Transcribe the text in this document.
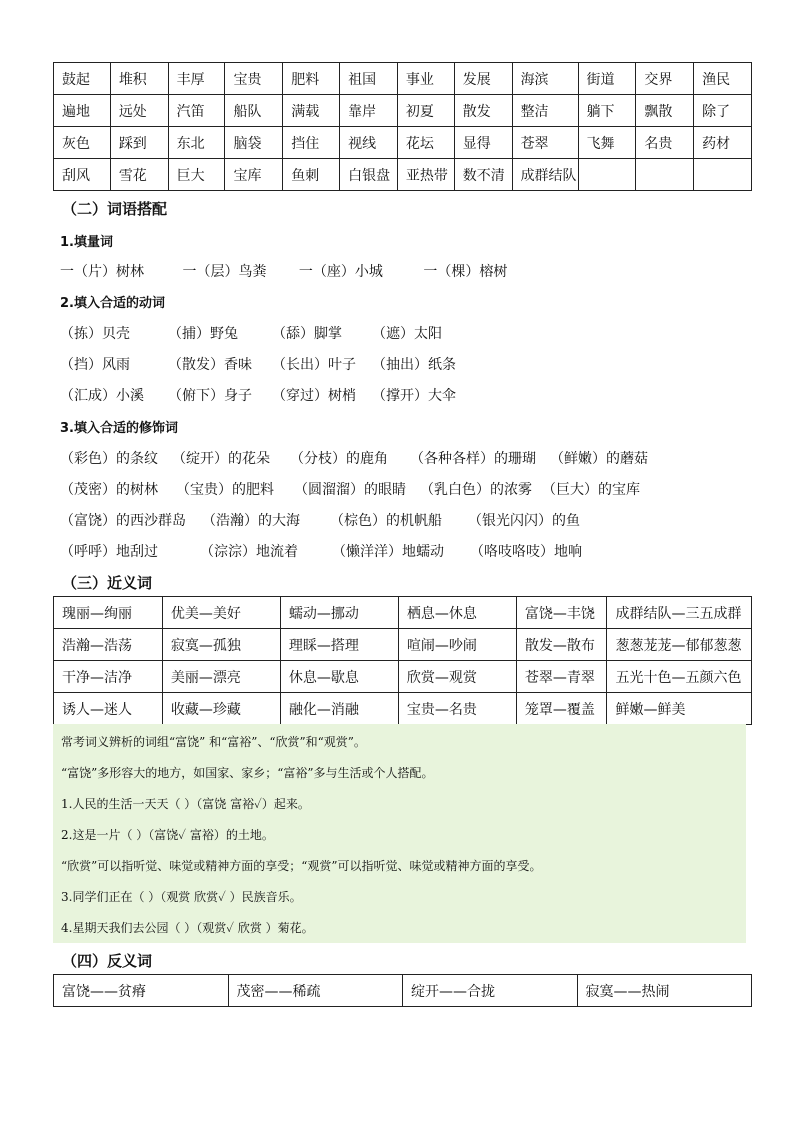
鼓起	堆积	丰厚	宝贵	肥料	祖国	事业	发展	海滨	街道	交界	渔民
遍地	远处	汽笛	船队	满载	靠岸	初夏	散发	整洁	躺下	飘散	除了
灰色	踩到	东北	脑袋	挡住	视线	花坛	显得	苍翠	飞舞	名贵	药材
刮风	雪花	巨大	宝库	鱼刺	白银盘	亚热带	数不清	成群结队			
（二）词语搭配
1.填量词
一（片）树林	一（层）鸟粪 一（座）小城	一（棵）榕树
2.填入合适的动词
（拣）贝壳	（捕）野兔 （舔）脚掌 （遮）太阳
（挡）风雨	（散发）香味 （长出）叶子 （抽出）纸条
（汇成）小溪 （俯下）身子 （穿过）树梢 （撑开）大伞
3.填入合适的修饰词
（彩色）的条纹 （绽开）的花朵 （分枝）的鹿角 （各种各样）的珊瑚 （鲜嫩）的蘑菇
（茂密）的树林 （宝贵）的肥料 （圆溜溜）的眼睛 （乳白色）的浓雾 （巨大）的宝库
（富饶）的西沙群岛 （浩瀚）的大海 （棕色）的机帆船 （银光闪闪）的鱼
（呼呼）地刮过	（淙淙）地流着 （懒洋洋）地蠕动 （咯吱咯吱）地响
（三）近义词
瑰丽—绚丽	优美—美好	蠕动—挪动	栖息—休息	富饶—丰饶	成群结队—三五成群
浩瀚—浩荡	寂寞—孤独	理睬—搭理	喧闹—吵闹	散发—散布	葱葱茏茏—郁郁葱葱
干净—洁净	美丽—漂亮	休息—歇息	欣赏—观赏	苍翠—青翠	五光十色—五颜六色
诱人—迷人	收藏—珍藏	融化—消融	宝贵—名贵	笼罩—覆盖	鲜嫩—鲜美
常考词义辨析的词组“富饶” 和“富裕”、“欣赏”和“观赏”。
“富饶”多形容大的地方，如国家、家乡；“富裕”多与生活或个人搭配。
1.人民的生活一天天（ ）（富饶 富裕✓）起来。
2.这是一片（ ）（富饶✓ 富裕）的土地。
“欣赏”可以指听觉、味觉或精神方面的享受；“观赏”可以指听觉、味觉或精神方面的享受。
3.同学们正在（ ）（观赏 欣赏✓ ）民族音乐。
4.星期天我们去公园（ ）（观赏✓ 欣赏 ）菊花。
（四）反义词
富饶——贫瘠	茂密——稀疏	绽开——合拢	寂寞——热闹
